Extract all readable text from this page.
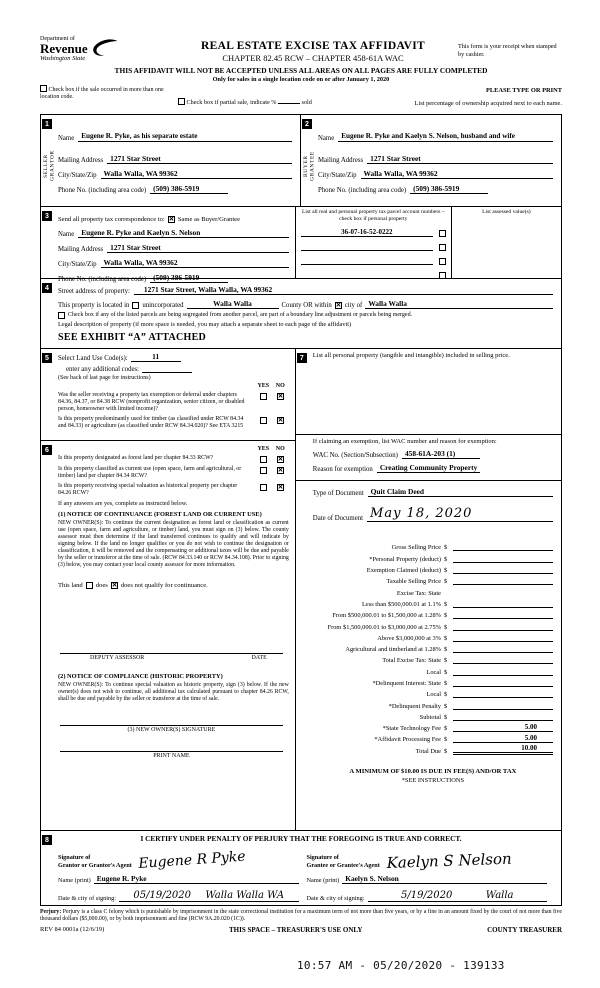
Department of
Revenue
Washington State
REAL ESTATE EXCISE TAX AFFIDAVIT
CHAPTER 82.45 RCW – CHAPTER 458-61A WAC
This form is your receipt when stamped by cashier.
THIS AFFIDAVIT WILL NOT BE ACCEPTED UNLESS ALL AREAS ON ALL PAGES ARE FULLY COMPLETED
Only for sales in a single location code on or after January 1, 2020
Check box if the sale occurred in more than one location code.
PLEASE TYPE OR PRINT
Check box if partial sale, indicate %	sold	List percentage of ownership acquired next to each name.
1
SELLER GRANTOR
Name Eugene R. Pyke, as his separate estate
Mailing Address 1271 Star Street
City/State/Zip Walla Walla, WA 99362
Phone No. (including area code) (509) 386-5919
2
BUYER GRANTEE
Name Eugene R. Pyke and Kaelyn S. Nelson, husband and wife
Mailing Address 1271 Star Street
City/State/Zip Walla Walla, WA 99362
Phone No. (including area code) (509) 386-5919
3	Send all property tax correspondence to: ✕ Same as Buyer/Grantee
Name Eugene R. Pyke and Kaelyn S. Nelson
Mailing Address 1271 Star Street
City/State/Zip Walla Walla, WA 99362
Phone No. (including area code) (509) 386-5919
List all real and personal property tax parcel account numbers – check box if personal property
36-07-16-52-0222
List assessed value(s)
4	Street address of property:	1271 Star Street, Walla Walla, WA 99362
This property is located in unincorporated	Walla Walla	County OR within ✕ city of Walla Walla
Check box if any of the listed parcels are being segregated from another parcel, are part of a boundary line adjustment or parcels being merged.
Legal description of property (if more space is needed, you may attach a separate sheet to each page of the affidavit)
SEE EXHIBIT “A” ATTACHED
5	Select Land Use Code(s):	11
enter any additional codes:
(See back of last page for instructions)
YES	NO
Was the seller receiving a property tax exemption or deferral under chapters 84.36, 84.37, or 84.38 RCW (nonprofit organization, senior citizen, or disabled person, homeowner with limited income)?
✕
Is this property predominantly used for timber (as classified under RCW 84.34 and 84.33) or agriculture (as classified under RCW 84.34.020)? See ETA 3215
✕
6	YES	NO
Is this property designated as forest land per chapter 84.33 RCW?	✕
Is this property classified as current use (open space, farm and agricultural, or timber) land per chapter 84.34 RCW?
✕
Is this property receiving special valuation as historical property per chapter 84.26 RCW?
✕
If any answers are yes, complete as instructed below.
(1) NOTICE OF CONTINUANCE (FOREST LAND OR CURRENT USE)
NEW OWNER(S): To continue the current designation as forest land or classification as current use (open space, farm and agriculture, or timber) land, you must sign on (3) below. The county assessor must then determine if the land transferred continues to qualify and will indicate by signing below. If the land no longer qualifies or you do not wish to continue the designation or classification, it will be removed and the compensating or additional taxes will be due and payable by the seller or transferor at the time of sale. (RCW 84.33.140 or RCW 84.34.108). Prior to signing (3) below, you may contact your local county assessor for more information.
This land does ✕ does not qualify for continuance.
DEPUTY ASSESSOR	DATE
(2) NOTICE OF COMPLIANCE (HISTORIC PROPERTY)
NEW OWNER(S): To continue special valuation as historic property, sign (3) below. If the new owner(s) does not wish to continue, all additional tax calculated pursuant to chapter 84.26 RCW, shall be due and payable by the seller or transferor at the time of sale.
(3) NEW OWNER(S) SIGNATURE
PRINT NAME
7	List all personal property (tangible and intangible) included in selling price.
If claiming an exemption, list WAC number and reason for exemption:
WAC No. (Section/Subsection) 458-61A-203 (1)
Reason for exemption Creating Community Property
Type of Document Quit Claim Deed
Date of Document May 18, 2020
Gross Selling Price $
*Personal Property (deduct) $
Exemption Claimed (deduct) $
Taxable Selling Price $
Excise Tax: State
Less than $500,000.01 at 1.1% $
From $500,000.01 to $1,500,000 at 1.28% $
From $1,500,000.01 to $3,000,000 at 2.75% $
Above $3,000,000 at 3% $
Agricultural and timberland at 1.28% $
Total Excise Tax: State $
Local $
*Delinquent Interest: State $
Local $
*Delinquent Penalty $
Subtotal $
*State Technology Fee $	5.00
*Affidavit Processing Fee $	5.00
Total Due $	10.00
A MINIMUM OF $10.00 IS DUE IN FEE(S) AND/OR TAX
*SEE INSTRUCTIONS
8	I CERTIFY UNDER PENALTY OF PERJURY THAT THE FOREGOING IS TRUE AND CORRECT.
Signature of
Grantor or Grantor's Agent Eugene R Pyke
Name (print) Eugene R. Pyke
Date & city of signing: 05/19/2020 Walla Walla WA
Signature of
Grantee or Grantee's Agent Kaelyn S Nelson
Name (print) Kaelyn S. Nelson
Date & city of signing:	5/19/2020	Walla
Perjury: Perjury is a class C felony which is punishable by imprisonment in the state correctional institution for a maximum term of not more than five years, or by a fine in an amount fixed by the court of not more than five thousand dollars ($5,000.00), or by both imprisonment and fine (RCW 9A.20.020 (1C)).
REV 84 0001a (12/6/19)	THIS SPACE – TREASURER'S USE ONLY	COUNTY TREASURER
10:57 AM - 05/20/2020 - 139133
